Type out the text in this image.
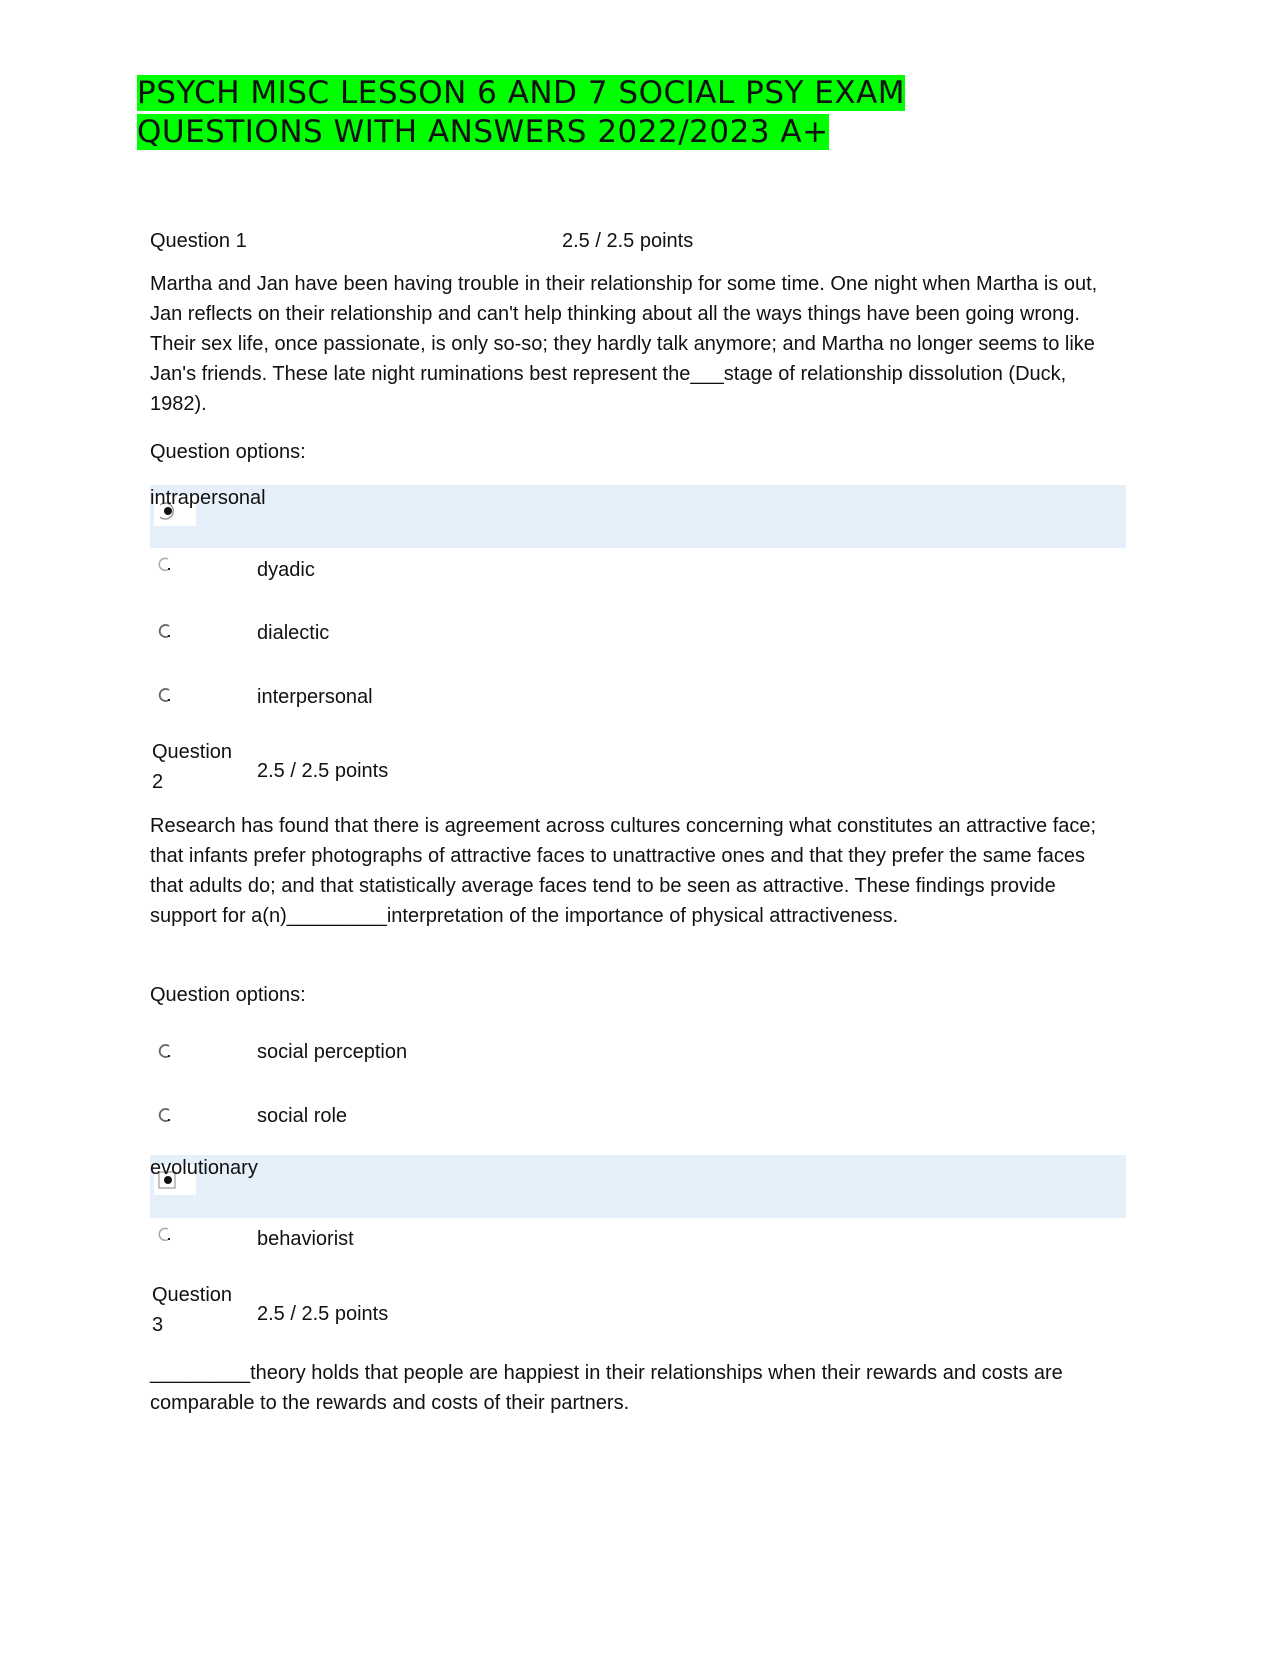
PSYCH MISC LESSON 6 AND 7 SOCIAL PSY EXAM
QUESTIONS WITH ANSWERS 2022/2023 A+
Question 1	2.5 / 2.5 points
Martha and Jan have been having trouble in their relationship for some time. One night when Martha is out, Jan reflects on their relationship and can't help thinking about all the ways things have been going wrong. Their sex life, once passionate, is only so-so; they hardly talk anymore; and Martha no longer seems to like Jan's friends. These late night ruminations best represent the___stage of relationship dissolution (Duck, 1982).
Question options:
intrapersonal
dyadic
dialectic
interpersonal
Question
2	2.5 / 2.5 points
Research has found that there is agreement across cultures concerning what constitutes an attractive face; that infants prefer photographs of attractive faces to unattractive ones and that they prefer the same faces that adults do; and that statistically average faces tend to be seen as attractive. These findings provide support for a(n)_________interpretation of the importance of physical attractiveness.
Question options:
social perception
social role
evolutionary
behaviorist
Question
3	2.5 / 2.5 points
_________theory holds that people are happiest in their relationships when their rewards and costs are comparable to the rewards and costs of their partners.
